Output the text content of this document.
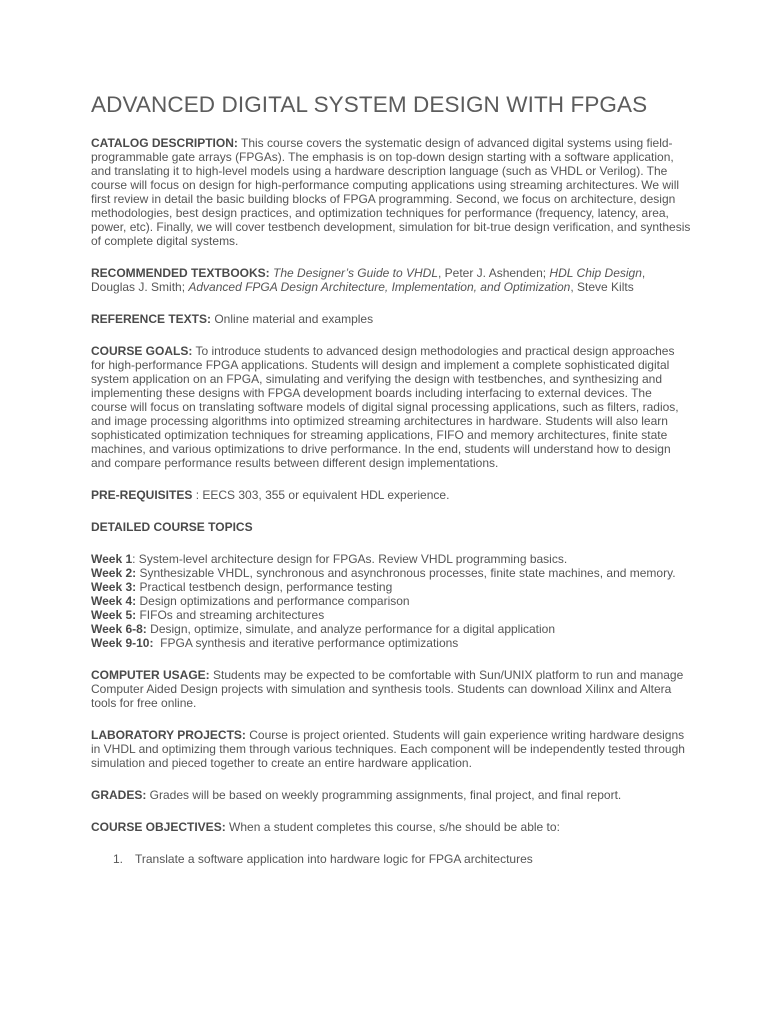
ADVANCED DIGITAL SYSTEM DESIGN WITH FPGAS

CATALOG DESCRIPTION: This course covers the systematic design of advanced digital systems using field-programmable gate arrays (FPGAs). The emphasis is on top-down design starting with a software application, and translating it to high-level models using a hardware description language (such as VHDL or Verilog). The course will focus on design for high-performance computing applications using streaming architectures. We will first review in detail the basic building blocks of FPGA programming. Second, we focus on architecture, design methodologies, best design practices, and optimization techniques for performance (frequency, latency, area, power, etc). Finally, we will cover testbench development, simulation for bit-true design verification, and synthesis of complete digital systems.

RECOMMENDED TEXTBOOKS: The Designer’s Guide to VHDL, Peter J. Ashenden; HDL Chip Design, Douglas J. Smith; Advanced FPGA Design Architecture, Implementation, and Optimization, Steve Kilts

REFERENCE TEXTS: Online material and examples

COURSE GOALS: To introduce students to advanced design methodologies and practical design approaches for high-performance FPGA applications. Students will design and implement a complete sophisticated digital system application on an FPGA, simulating and verifying the design with testbenches, and synthesizing and implementing these designs with FPGA development boards including interfacing to external devices. The course will focus on translating software models of digital signal processing applications, such as filters, radios, and image processing algorithms into optimized streaming architectures in hardware. Students will also learn sophisticated optimization techniques for streaming applications, FIFO and memory architectures, finite state machines, and various optimizations to drive performance. In the end, students will understand how to design and compare performance results between different design implementations.

PRE-REQUISITES : EECS 303, 355 or equivalent HDL experience.

DETAILED COURSE TOPICS
Week 1: System-level architecture design for FPGAs. Review VHDL programming basics.
Week 2: Synthesizable VHDL, synchronous and asynchronous processes, finite state machines, and memory.
Week 3: Practical testbench design, performance testing
Week 4: Design optimizations and performance comparison
Week 5: FIFOs and streaming architectures
Week 6-8: Design, optimize, simulate, and analyze performance for a digital application
Week 9-10:  FPGA synthesis and iterative performance optimizations

COMPUTER USAGE: Students may be expected to be comfortable with Sun/UNIX platform to run and manage Computer Aided Design projects with simulation and synthesis tools. Students can download Xilinx and Altera tools for free online.

LABORATORY PROJECTS: Course is project oriented. Students will gain experience writing hardware designs in VHDL and optimizing them through various techniques. Each component will be independently tested through simulation and pieced together to create an entire hardware application.

GRADES: Grades will be based on weekly programming assignments, final project, and final report.

COURSE OBJECTIVES: When a student completes this course, s/he should be able to:

1. Translate a software application into hardware logic for FPGA architectures
